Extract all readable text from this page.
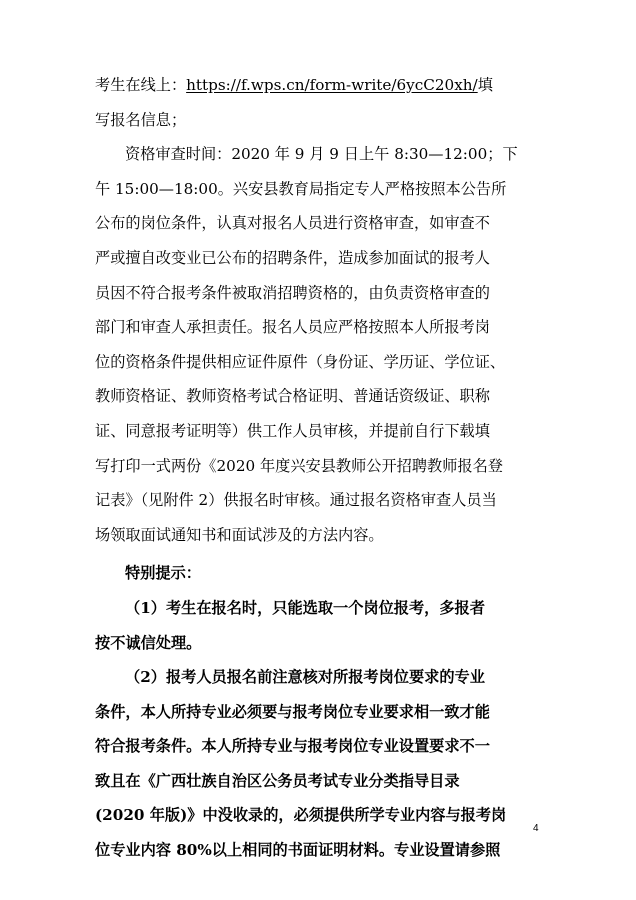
考生在线上：https://f.wps.cn/form-write/6ycC20xh/填
写报名信息；
资格审查时间：2020 年 9 月 9 日上午 8:30—12:00；下
午 15:00—18:00。兴安县教育局指定专人严格按照本公告所
公布的岗位条件，认真对报名人员进行资格审查，如审查不
严或擅自改变业已公布的招聘条件，造成参加面试的报考人
员因不符合报考条件被取消招聘资格的，由负责资格审查的
部门和审查人承担责任。报名人员应严格按照本人所报考岗
位的资格条件提供相应证件原件（身份证、学历证、学位证、
教师资格证、教师资格考试合格证明、普通话资级证、职称
证、同意报考证明等）供工作人员审核，并提前自行下载填
写打印一式两份《2020 年度兴安县教师公开招聘教师报名登
记表》（见附件 2）供报名时审核。通过报名资格审查人员当
场领取面试通知书和面试涉及的方法内容。
特别提示：
（1）考生在报名时，只能选取一个岗位报考，多报者
按不诚信处理。
（2）报考人员报名前注意核对所报考岗位要求的专业
条件，本人所持专业必须要与报考岗位专业要求相一致才能
符合报考条件。本人所持专业与报考岗位专业设置要求不一
致且在《广西壮族自治区公务员考试专业分类指导目录
(2020 年版)》中没收录的，必须提供所学专业内容与报考岗
位专业内容 80%以上相同的书面证明材料。专业设置请参照
4
